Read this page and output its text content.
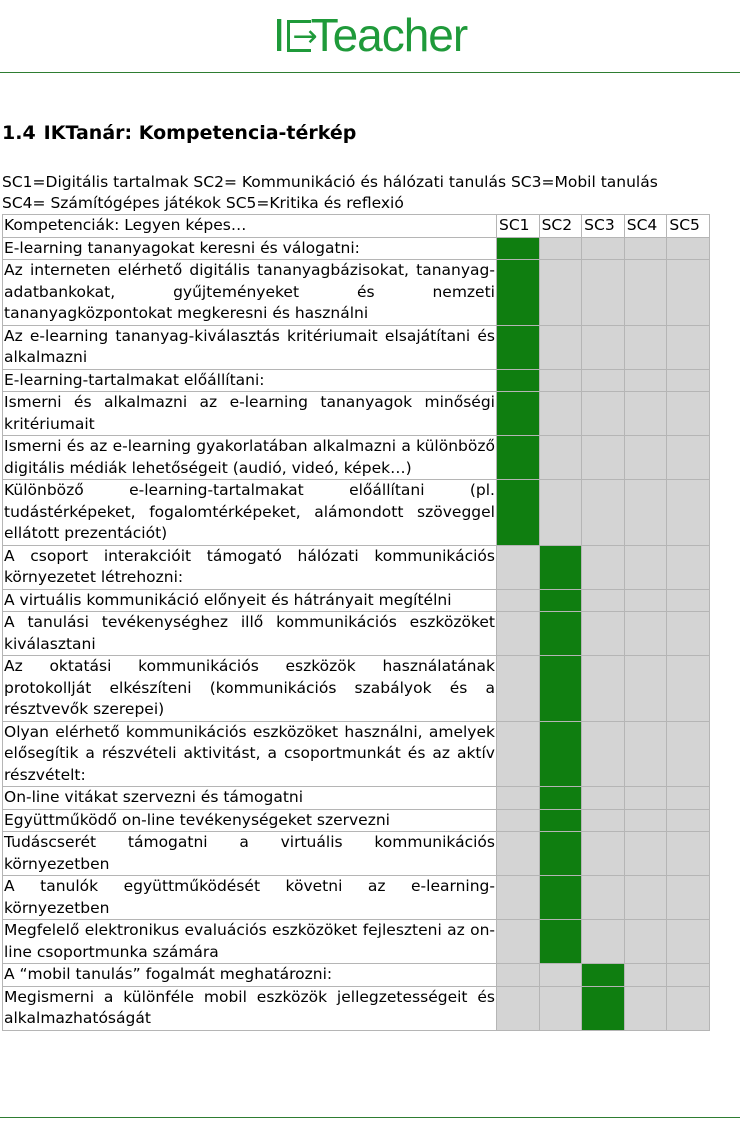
I → Teacher
1.4 IKTanár: Kompetencia-térkép
SC1=Digitális tartalmak SC2= Kommunikáció és hálózati tanulás SC3=Mobil tanulás
SC4= Számítógépes játékok SC5=Kritika és reflexió
Kompetenciák: Legyen képes…	SC1	SC2	SC3	SC4	SC5
E-learning tananyagokat keresni és válogatni:					
Az interneten elérhető digitális tananyagbázisokat, tananyag-adatbankokat, gyűjteményeket és nemzeti tananyagközpontokat megkeresni és használni					
Az e-learning tananyag-kiválasztás kritériumait elsajátítani és alkalmazni					
E-learning-tartalmakat előállítani:					
Ismerni és alkalmazni az e-learning tananyagok minőségi kritériumait					
Ismerni és az e-learning gyakorlatában alkalmazni a különböző digitális médiák lehetőségeit (audió, videó, képek…)					
Különböző e-learning-tartalmakat előállítani (pl. tudástérképeket, fogalomtérképeket, alámondott szöveggel ellátott prezentációt)					
A csoport interakcióit támogató hálózati kommunikációs környezetet létrehozni:					
A virtuális kommunikáció előnyeit és hátrányait megítélni					
A tanulási tevékenységhez illő kommunikációs eszközöket kiválasztani					
Az oktatási kommunikációs eszközök használatának protokollját elkészíteni (kommunikációs szabályok és a résztvevők szerepei)					
Olyan elérhető kommunikációs eszközöket használni, amelyek elősegítik a részvételi aktivitást, a csoportmunkát és az aktív részvételt:					
On-line vitákat szervezni és támogatni					
Együttműködő on-line tevékenységeket szervezni					
Tudáscserét támogatni a virtuális kommunikációs környezetben					
A tanulók együttműködését követni az e-learning-környezetben					
Megfelelő elektronikus evaluációs eszközöket fejleszteni az on-line csoportmunka számára					
A “mobil tanulás” fogalmát meghatározni:					
Megismerni a különféle mobil eszközök jellegzetességeit és alkalmazhatóságát					
